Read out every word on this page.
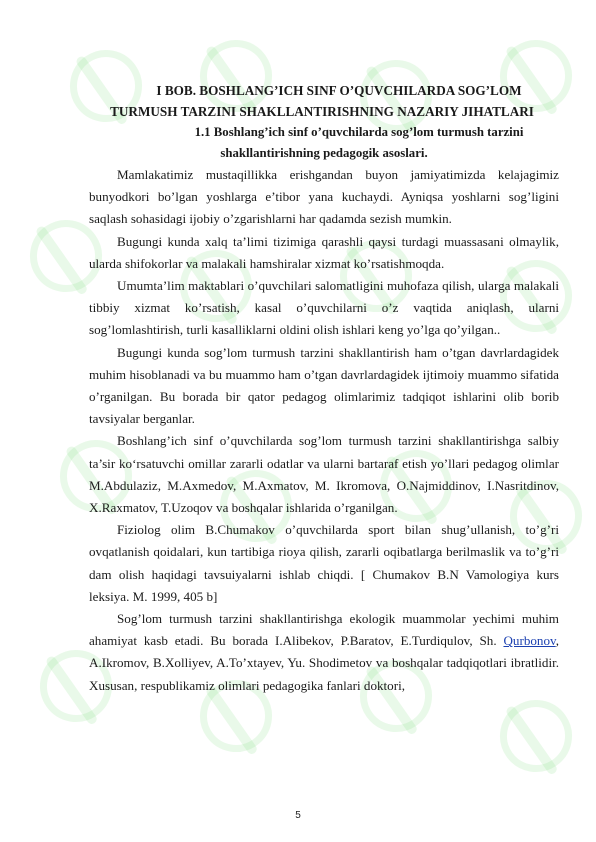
I BOB. BOSHLANG’ICH SINF O’QUVCHILARDA SOG’LOM

TURMUSH TARZINI SHAKLLANTIRISHNING NAZARIY JIHATLARI

1.1 Boshlang’ich sinf o’quvchilarda sog’lom turmush tarzini

shakllantirishning pedagogik asoslari.

Mamlakatimiz mustaqillikka erishgandan buyon jamiyatimizda kelajagimiz bunyodkori bo’lgan yoshlarga e’tibor yana kuchaydi. Ayniqsa yoshlarni sog’ligini saqlash sohasidagi ijobiy o’zgarishlarni har qadamda sezish mumkin.

Bugungi kunda xalq ta’limi tizimiga qarashli qaysi turdagi muassasani olmaylik, ularda shifokorlar va malakali hamshiralar xizmat ko’rsatishmoqda.

Umumta’lim maktablari o’quvchilari salomatligini muhofaza qilish, ularga malakali tibbiy xizmat ko’rsatish, kasal o’quvchilarni o’z vaqtida aniqlash, ularni sog’lomlashtirish, turli kasalliklarni oldini olish ishlari keng yo’lga qo’yilgan..

Bugungi kunda sog’lom turmush tarzini shakllantirish ham o’tgan davrlardagidek muhim hisoblanadi va bu muammo ham o’tgan davrlardagidek ijtimoiy muammo sifatida o’rganilgan. Bu borada bir qator pedagog olimlarimiz tadqiqot ishlarini olib borib tavsiyalar berganlar.

Boshlang’ich sinf o’quvchilarda sog’lom turmush tarzini shakllantirishga salbiy ta’sir ko‘rsatuvchi omillar zararli odatlar va ularni bartaraf etish yo’llari pedagog olimlar M.Abdulaziz, M.Axmedov, M.Axmatov, M. Ikromova, O.Najmiddinov, I.Nasritdinov, X.Raxmatov, T.Uzoqov va boshqalar ishlarida o’rganilgan.

Fiziolog olim B.Chumakov o’quvchilarda sport bilan shug’ullanish, to’g’ri ovqatlanish qoidalari, kun tartibiga rioya qilish, zararli oqibatlarga berilmaslik va to’g’ri dam olish haqidagi tavsuiyalarni ishlab chiqdi. [ Chumakov B.N Vamologiya kurs leksiya. M. 1999, 405 b]

Sog’lom turmush tarzini shakllantirishga ekologik muammolar yechimi muhim ahamiyat kasb etadi. Bu borada I.Alibekov, P.Baratov, E.Turdiqulov, Sh. Qurbonov, A.Ikromov, B.Xolliyev, A.To’xtayev, Yu. Shodimetov va boshqalar tadqiqotlari ibratlidir. Xususan, respublikamiz olimlari pedagogika fanlari doktori,

5
